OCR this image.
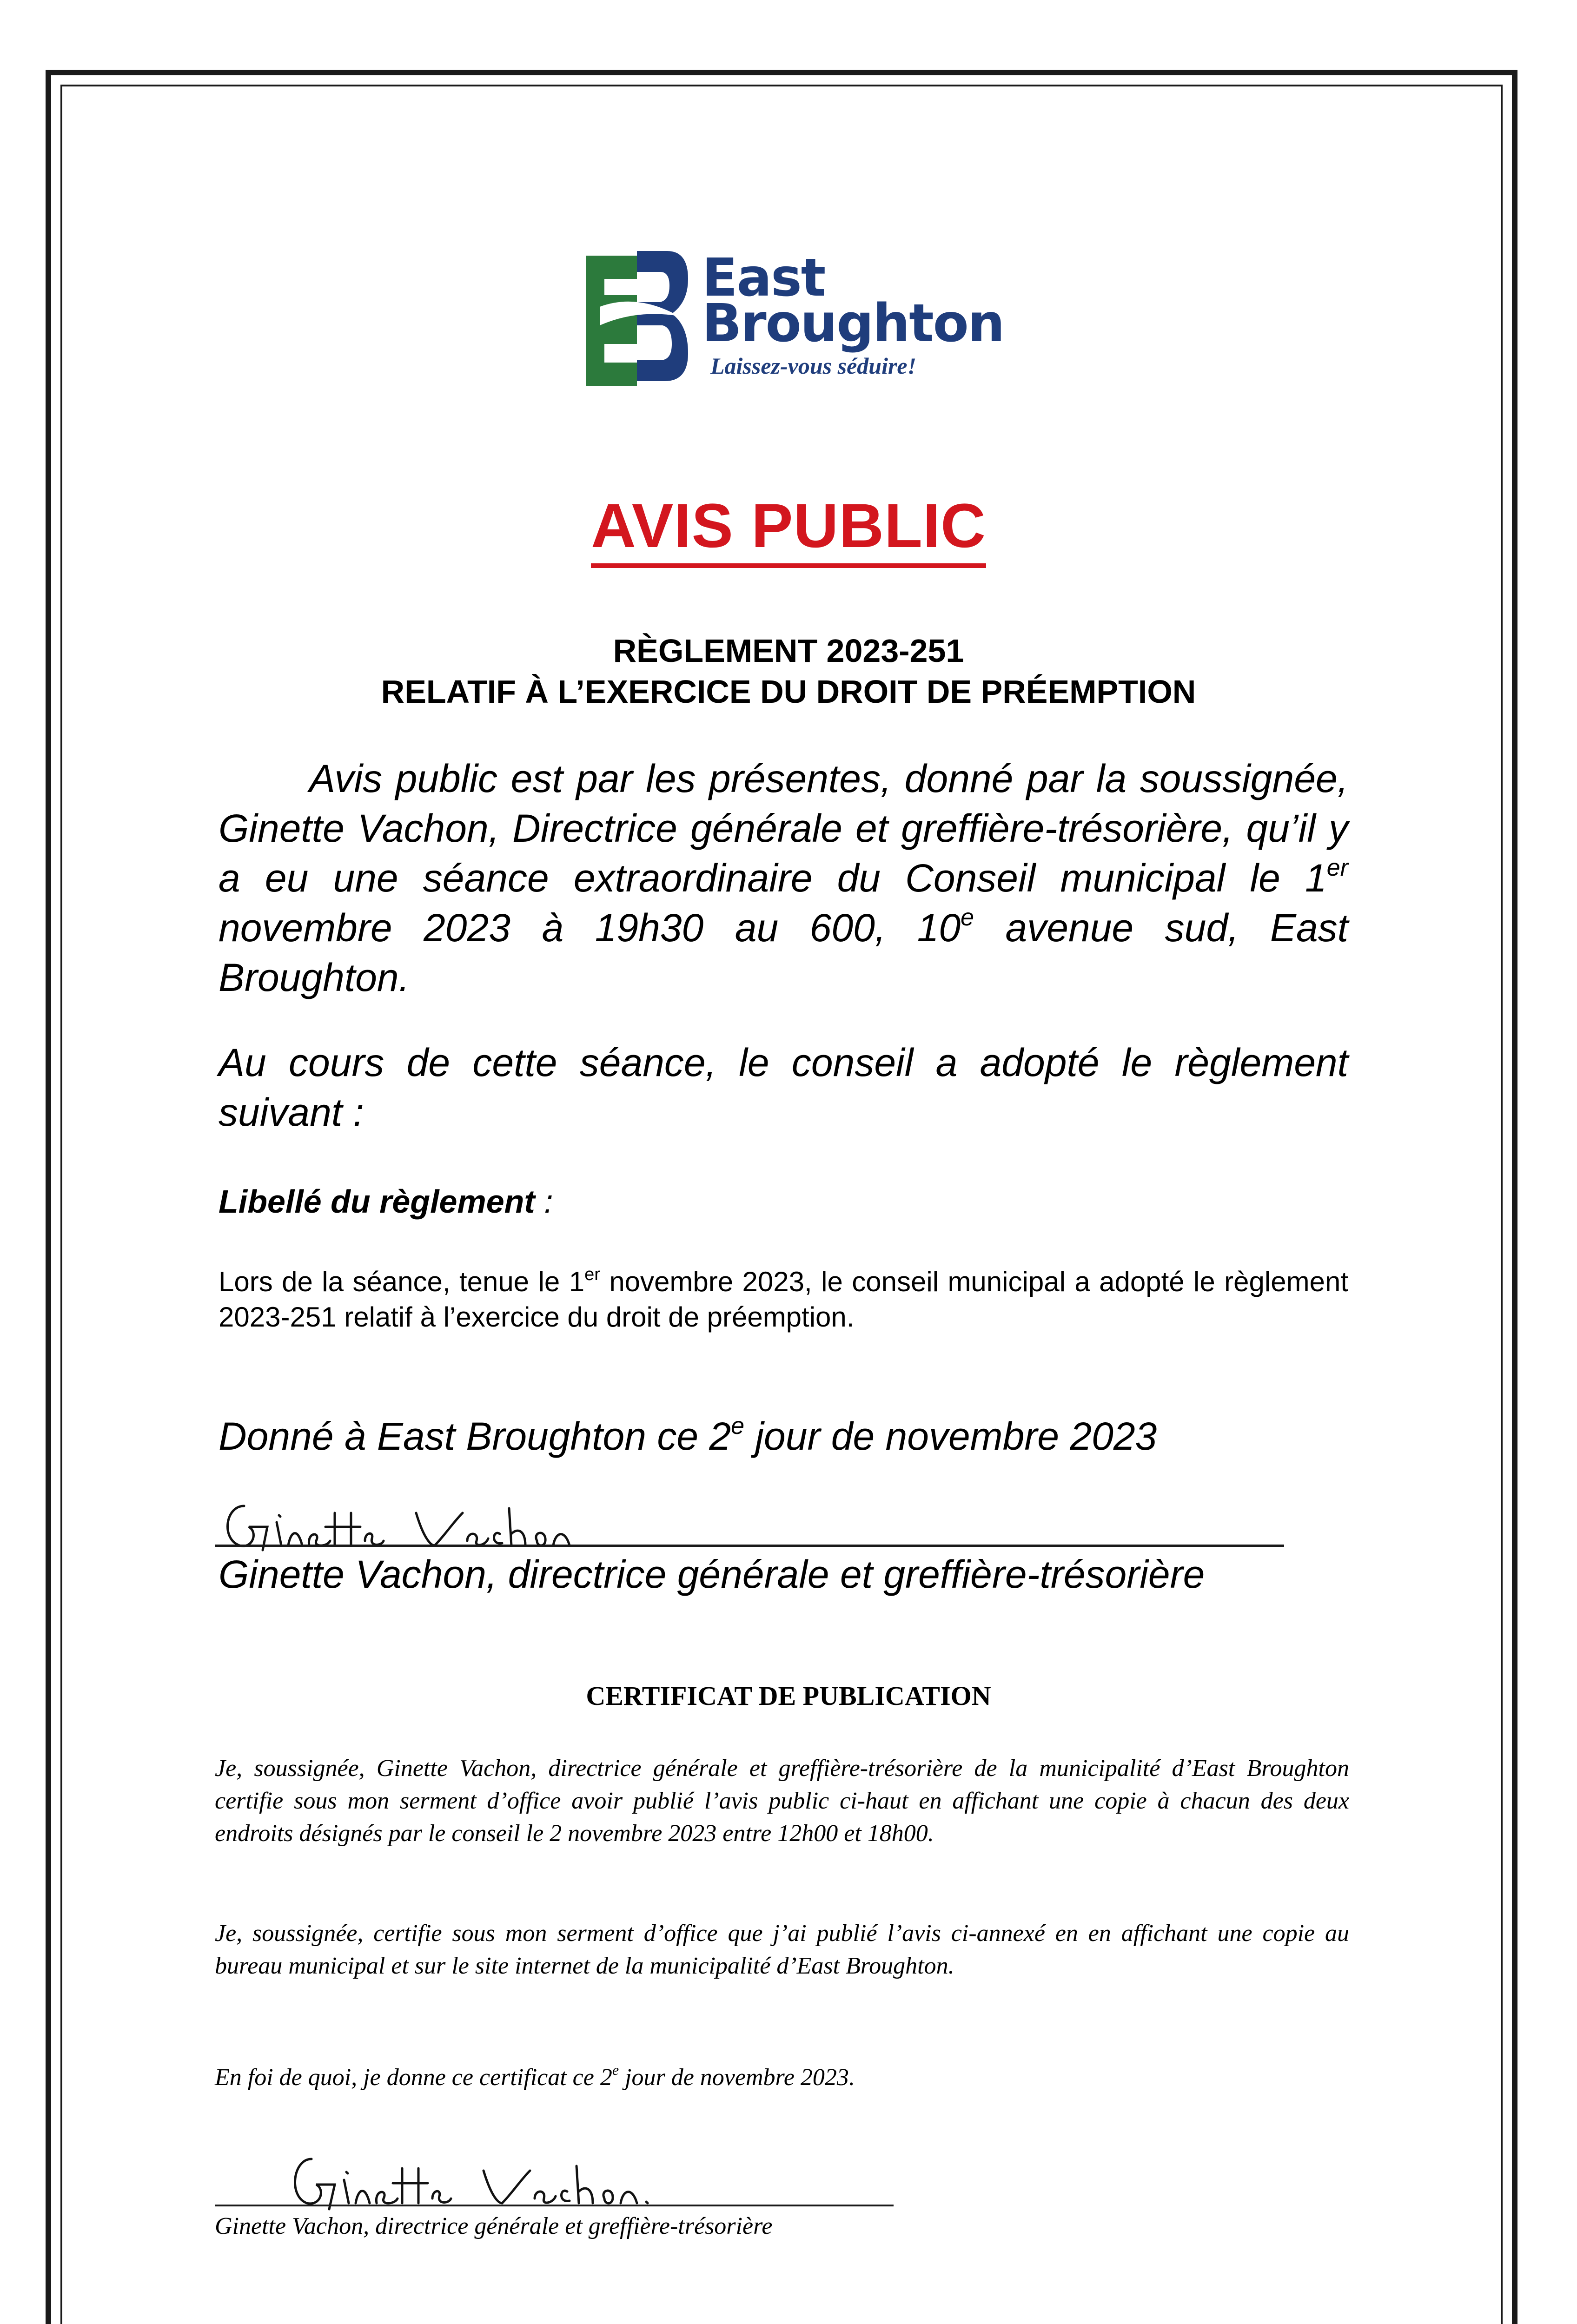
East
Broughton
Laissez-vous séduire!
AVIS PUBLIC
RÈGLEMENT 2023-251
RELATIF À L’EXERCICE DU DROIT DE PRÉEMPTION
Avis public est par les présentes, donné par la soussignée, Ginette Vachon, Directrice générale et greffière-trésorière, qu’il y a eu une séance extraordinaire du Conseil municipal le 1er novembre 2023 à 19h30 au 600, 10e avenue sud, East Broughton.
Au cours de cette séance, le conseil a adopté le règlement suivant :
Libellé du règlement :
Lors de la séance, tenue le 1er novembre 2023, le conseil municipal a adopté le règlement 2023-251 relatif à l’exercice du droit de préemption.
Donné à East Broughton ce 2e jour de novembre 2023
Ginette Vachon, directrice générale et greffière-trésorière
CERTIFICAT DE PUBLICATION
Je, soussignée, Ginette Vachon, directrice générale et greffière-trésorière de la municipalité d’East Broughton certifie sous mon serment d’office avoir publié l’avis public ci-haut en affichant une copie à chacun des deux endroits désignés par le conseil le 2 novembre 2023 entre 12h00 et 18h00.
Je, soussignée, certifie sous mon serment d’office que j’ai publié l’avis ci-annexé en en affichant une copie au bureau municipal et sur le site internet de la municipalité d’East Broughton.
En foi de quoi, je donne ce certificat ce 2e jour de novembre 2023.
Ginette Vachon, directrice générale et greffière-trésorière
